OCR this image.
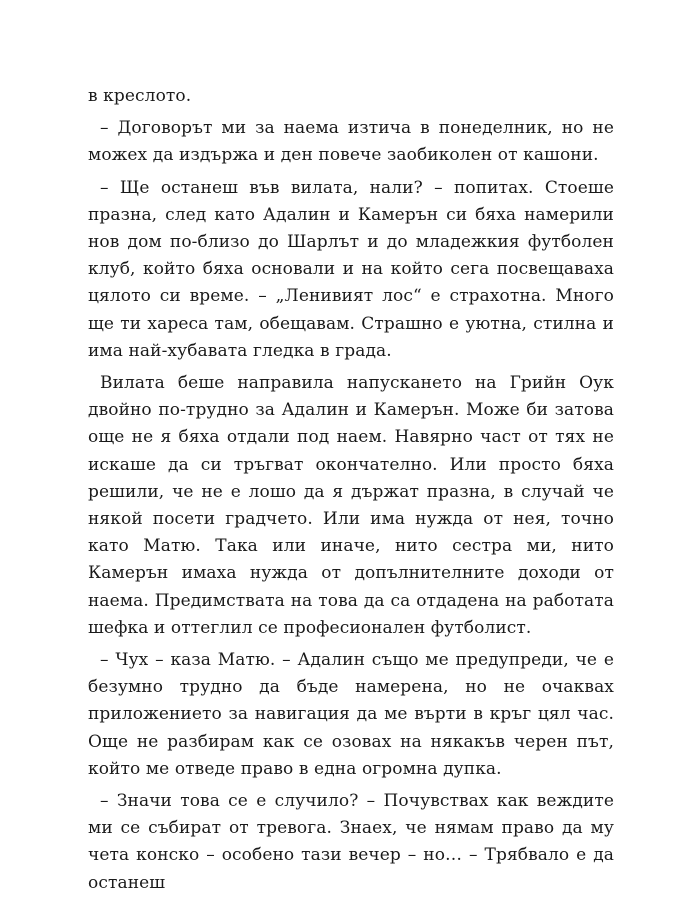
в креслото.

– Договорът ми за наема изтича в понеделник, но не можех да издържа и ден повече заобиколен от кашони.

– Ще останеш във вилата, нали? – попитах. Стоеше празна, след като Адалин и Камерън си бяха намерили нов дом по-близо до Шарлът и до младежкия футболен клуб, който бяха основали и на който сега посвещаваха цялото си време. – „Ленивият лос“ е страхотна. Много ще ти хареса там, обещавам. Страшно е уютна, стилна и има най-хубавата гледка в града.

Вилата беше направила напускането на Грийн Оук двойно по-трудно за Адалин и Камерън. Може би затова още не я бяха отдали под наем. Навярно част от тях не искаше да си тръгват окончателно. Или просто бяха решили, че не е лошо да я държат празна, в случай че някой посети градчето. Или има нужда от нея, точно като Матю. Така или иначе, нито сестра ми, нито Камерън имаха нужда от допълнителните доходи от наема. Предимствата на това да са отдадена на работата шефка и оттеглил се професионален футболист.

– Чух – каза Матю. – Адалин също ме предупреди, че е безумно трудно да бъде намерена, но не очаквах приложението за навигация да ме върти в кръг цял час. Още не разбирам как се озовах на някакъв черен път, който ме отведе право в една огромна дупка.

– Значи това се е случило? – Почувствах как веждите ми се събират от тревога. Знаех, че нямам право да му чета конско – особено тази вечер – но… – Трябвало е да останеш
